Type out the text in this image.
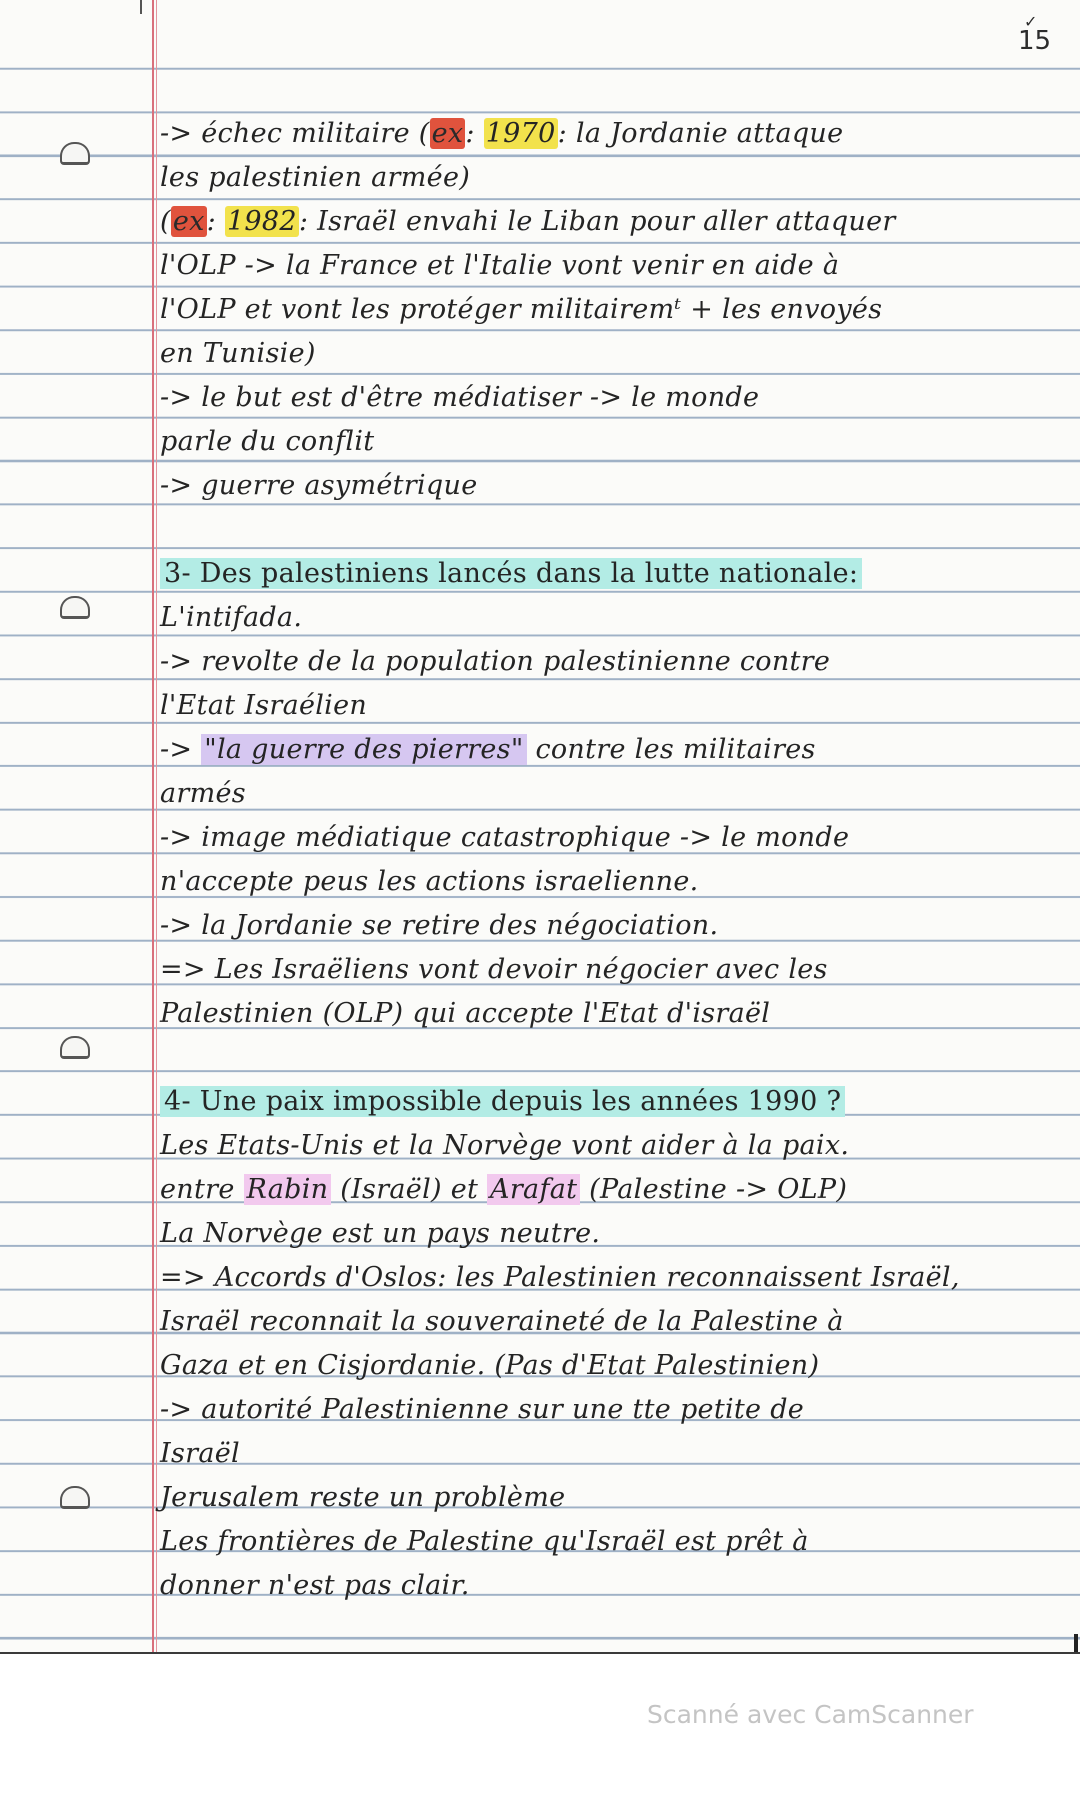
✓
15
-> échec militaire (ex: 1970: la Jordanie attaque
les palestinien armée)
(ex: 1982: Israël envahi le Liban pour aller attaquer
l'OLP -> la France et l'Italie vont venir en aide à
l'OLP et vont les protéger militairemᵗ + les envoyés
en Tunisie)
-> le but est d'être médiatiser -> le monde
parle du conflit
-> guerre asymétrique
3- Des palestiniens lancés dans la lutte nationale:
L'intifada.
-> revolte de la population palestinienne contre
l'Etat Israélien
-> "la guerre des pierres" contre les militaires
armés
-> image médiatique catastrophique -> le monde
n'accepte peus les actions israelienne.
-> la Jordanie se retire des négociation.
=> Les Israëliens vont devoir négocier avec les
Palestinien (OLP) qui accepte l'Etat d'israël
4- Une paix impossible depuis les années 1990 ?
Les Etats-Unis et la Norvège vont aider à la paix.
entre Rabin (Israël) et Arafat (Palestine -> OLP)
La Norvège est un pays neutre.
=> Accords d'Oslos: les Palestinien reconnaissent Israël,
Israël reconnait la souveraineté de la Palestine à
Gaza et en Cisjordanie. (Pas d'Etat Palestinien)
-> autorité Palestinienne sur une tte petite de
Israël
Jerusalem reste un problème
Les frontières de Palestine qu'Israël est prêt à
donner n'est pas clair.
Scanné avec CamScanner
